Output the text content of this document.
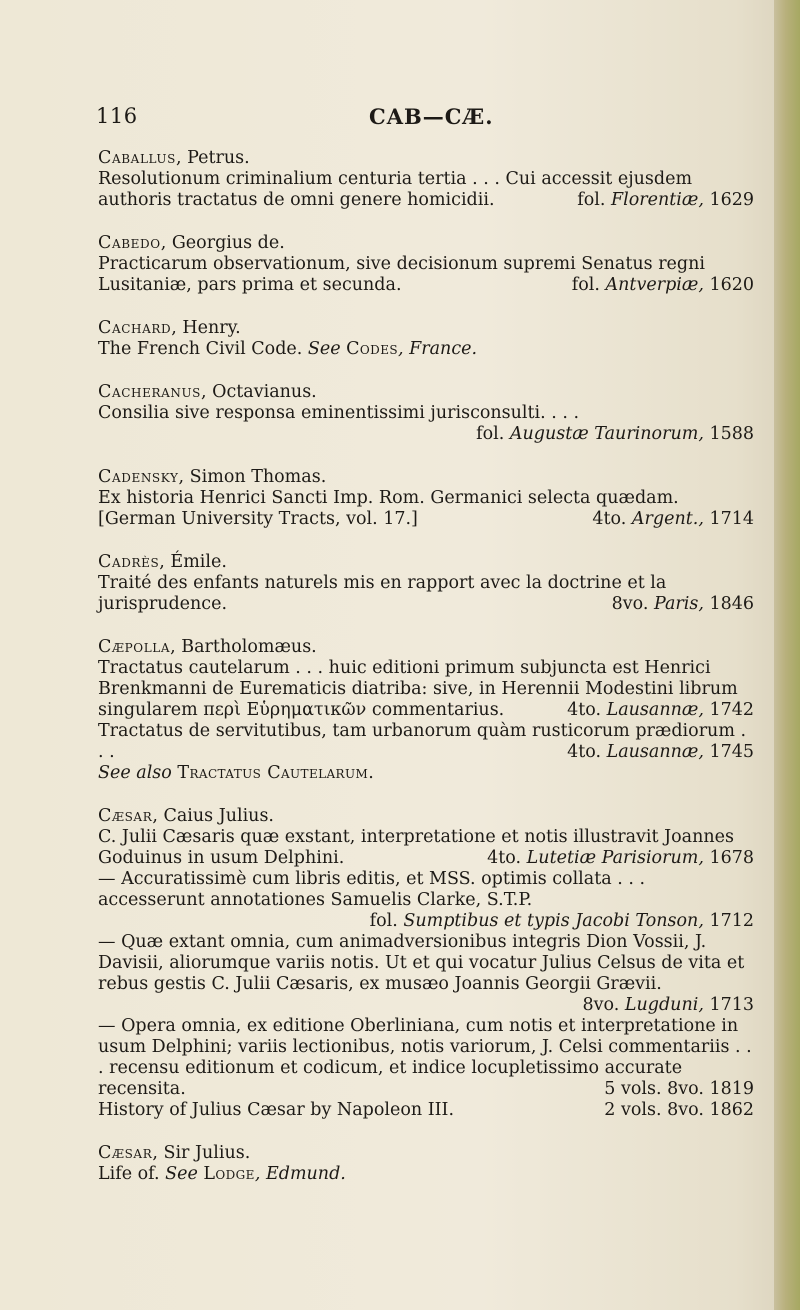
116	CAB—CÆ.

Caballus, Petrus.

Resolutionum criminalium centuria tertia . . . Cui accessit ejusdem authoris tractatus de omni genere homicidii.	fol. Florentiæ, 1629

Cabedo, Georgius de.

Practicarum observationum, sive decisionum supremi Senatus regni Lusitaniæ, pars prima et secunda.	fol. Antverpiæ, 1620

Cachard, Henry.

The French Civil Code. See Codes, France.

Cacheranus, Octavianus.

Consilia sive responsa eminentissimi jurisconsulti. . . .
fol. Augustæ Taurinorum, 1588

Cadensky, Simon Thomas.

Ex historia Henrici Sancti Imp. Rom. Germanici selecta quædam. [German University Tracts, vol. 17.]	4to. Argent., 1714

Cadrès, Émile.

Traité des enfants naturels mis en rapport avec la doctrine et la jurisprudence.	8vo. Paris, 1846

Cæpolla, Bartholomæus.

Tractatus cautelarum . . . huic editioni primum subjuncta est Henrici Brenkmanni de Eurematicis diatriba: sive, in Herennii Modestini librum singularem περὶ Εὑρηματικῶν commentarius.	4to. Lausannæ, 1742

Tractatus de servitutibus, tam urbanorum quàm rusticorum prædiorum . . .	4to. Lausannæ, 1745

See also Tractatus Cautelarum.

Cæsar, Caius Julius.

C. Julii Cæsaris quæ exstant, interpretatione et notis illustravit Joannes Goduinus in usum Delphini.	4to. Lutetiæ Parisiorum, 1678

— Accuratissimè cum libris editis, et MSS. optimis collata . . . accesserunt annotationes Samuelis Clarke, S.T.P.
fol. Sumptibus et typis Jacobi Tonson, 1712

— Quæ extant omnia, cum animadversionibus integris Dion Vossii, J. Davisii, aliorumque variis notis. Ut et qui vocatur Julius Celsus de vita et rebus gestis C. Julii Cæsaris, ex musæo Joannis Georgii Grævii.
8vo. Lugduni, 1713

— Opera omnia, ex editione Oberliniana, cum notis et interpretatione in usum Delphini; variis lectionibus, notis variorum, J. Celsi commentariis . . . recensu editionum et codicum, et indice locupletissimo accurate recensita.	5 vols. 8vo. 1819

History of Julius Cæsar by Napoleon III.	2 vols. 8vo. 1862

Cæsar, Sir Julius.

Life of. See Lodge, Edmund.
